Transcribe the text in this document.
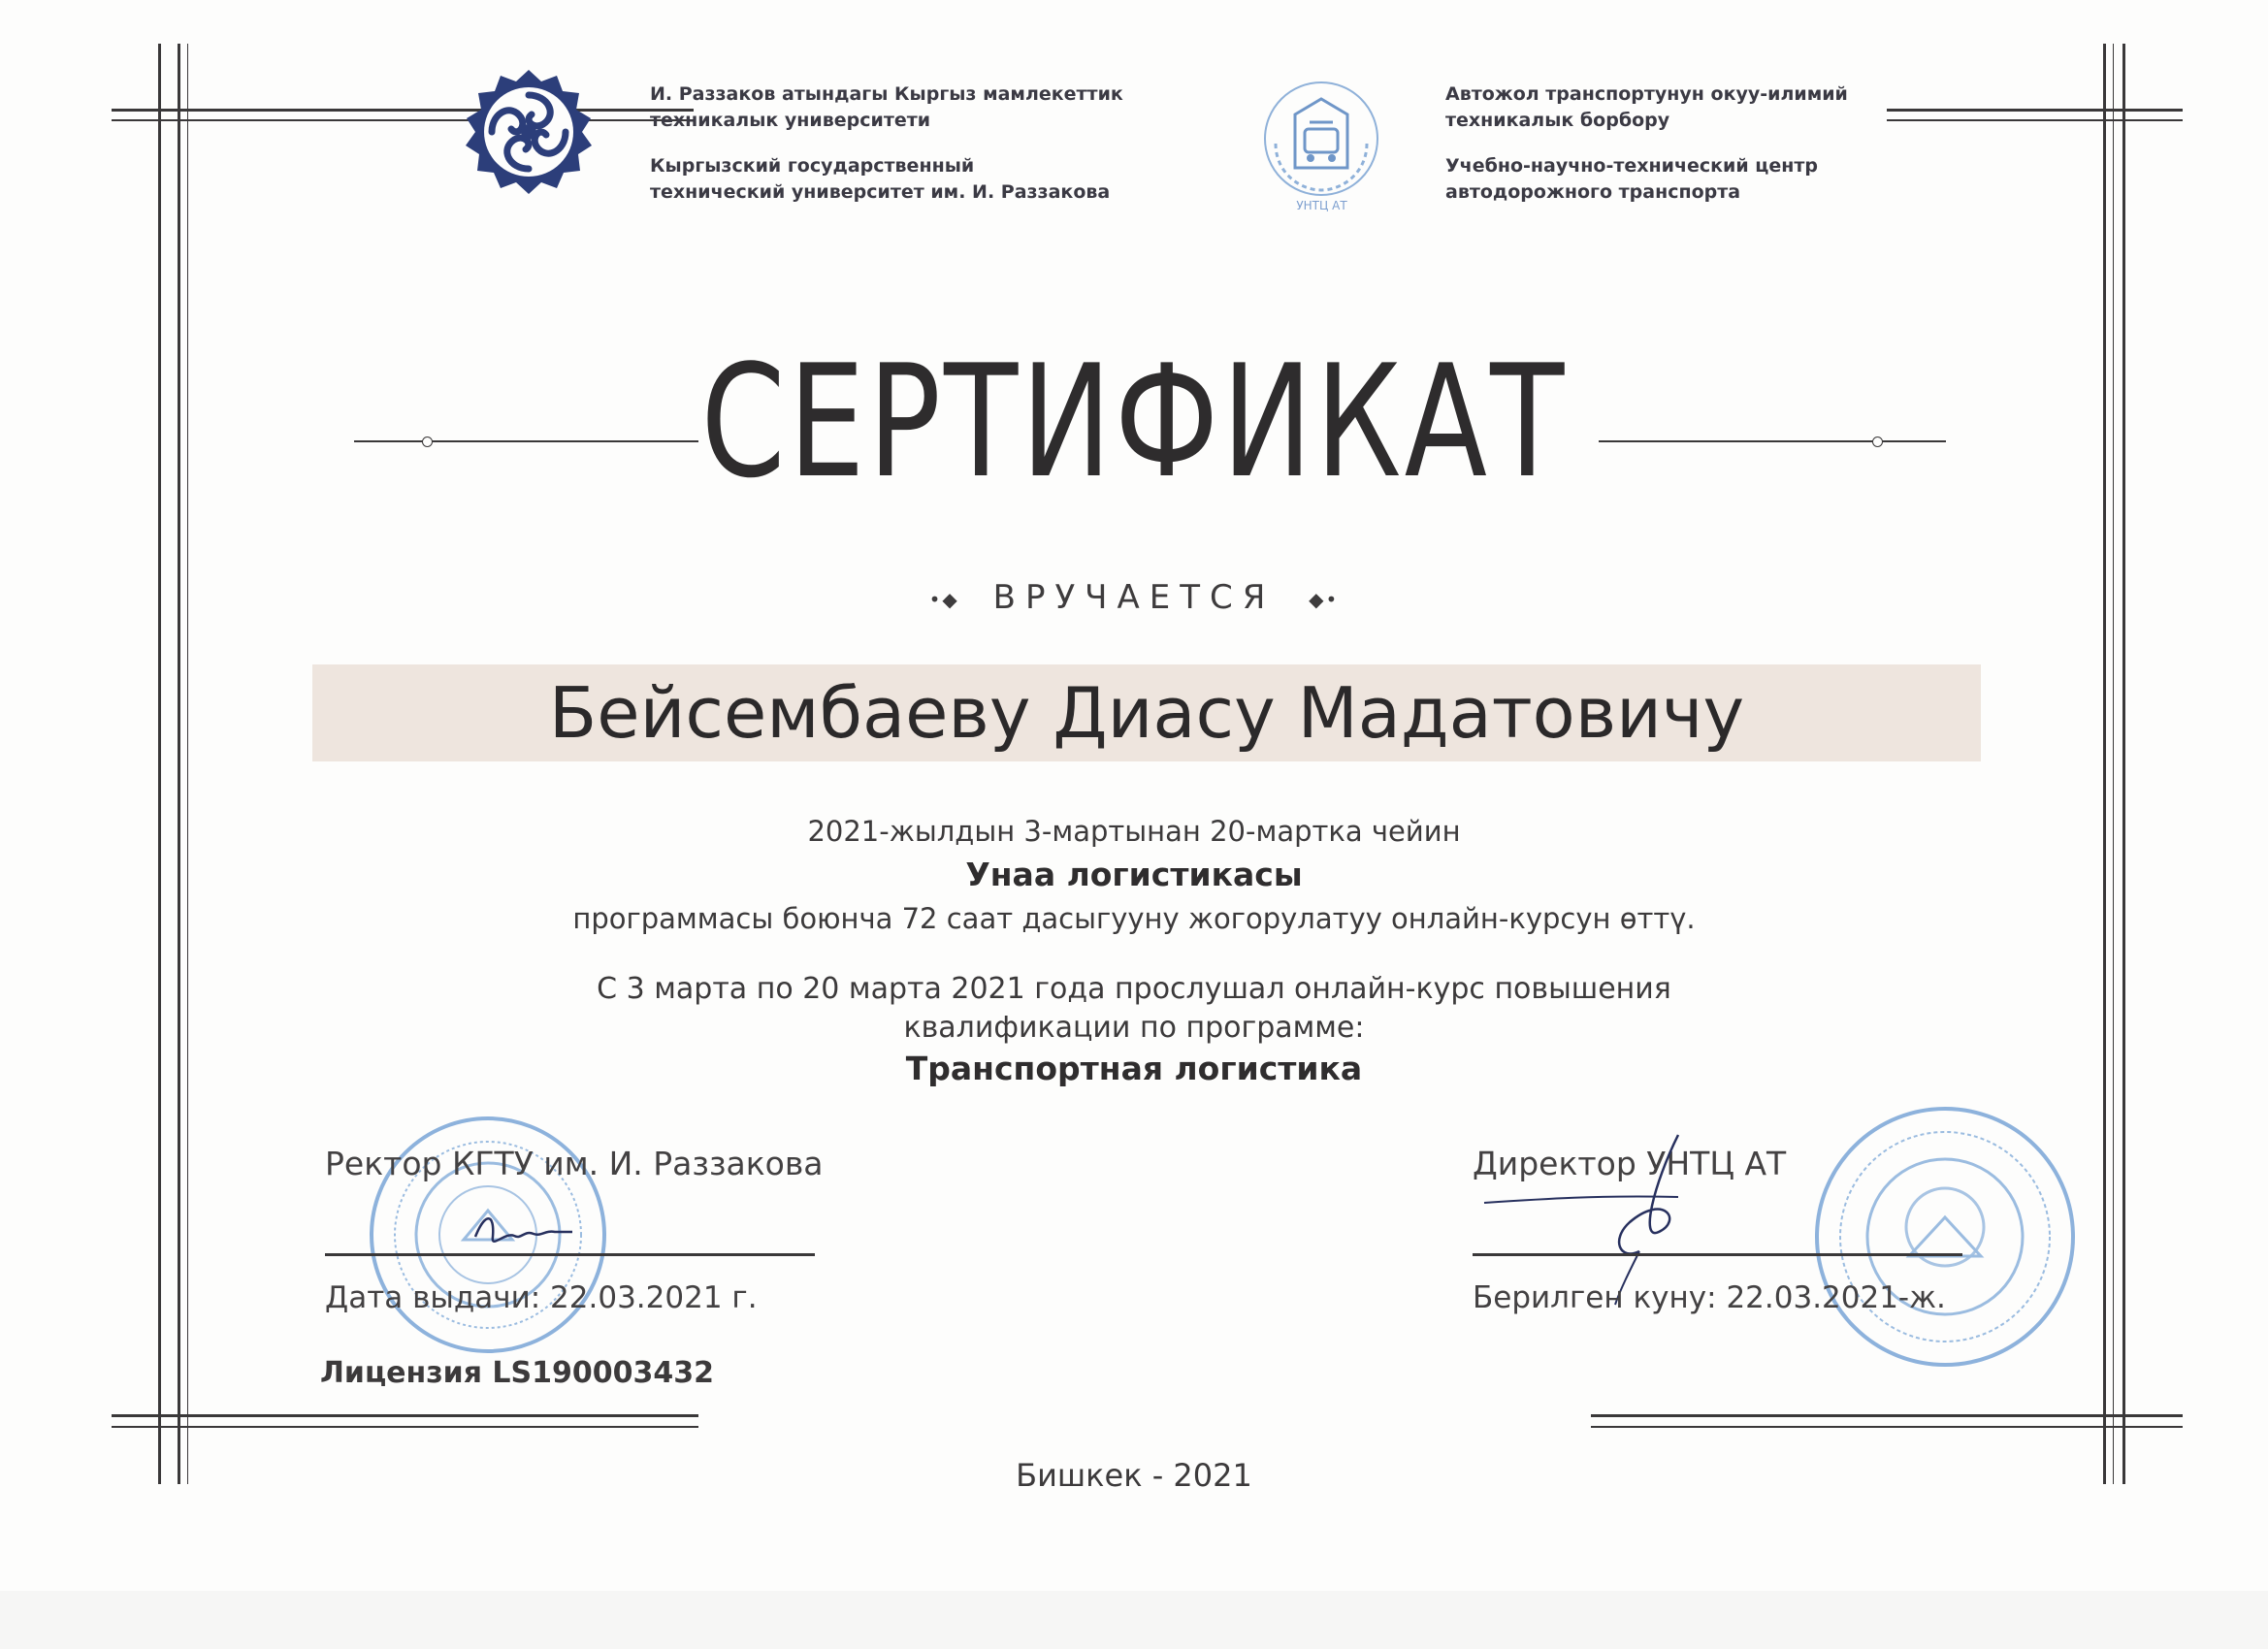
И. Раззаков атындагы Кыргыз мамлекеттик
техникалык университети
Кыргызский государственный
технический университет им. И. Раззакова
УНТЦ АТ
Автожол транспортунун окуу-илимий
техникалык борбору
Учебно-научно-технический центр
автодорожного транспорта
СЕРТИФИКАТ
•◆ ВРУЧАЕТСЯ ◆•
Бейсембаеву Диасу Мадатовичу
2021-жылдын 3-мартынан 20-мартка чейин
Унаа логистикасы
программасы боюнча 72 саат дасыгууну жогорулатуу онлайн-курсун өттү.
С 3 марта по 20 марта 2021 года прослушал онлайн-курс повышения
квалификации по программе:
Транспортная логистика
Ректор КГТУ им. И. Раззакова
Дата выдачи: 22.03.2021 г.
Лицензия LS190003432
Директор УНТЦ АТ
Берилген куну: 22.03.2021-ж.
Бишкек - 2021
